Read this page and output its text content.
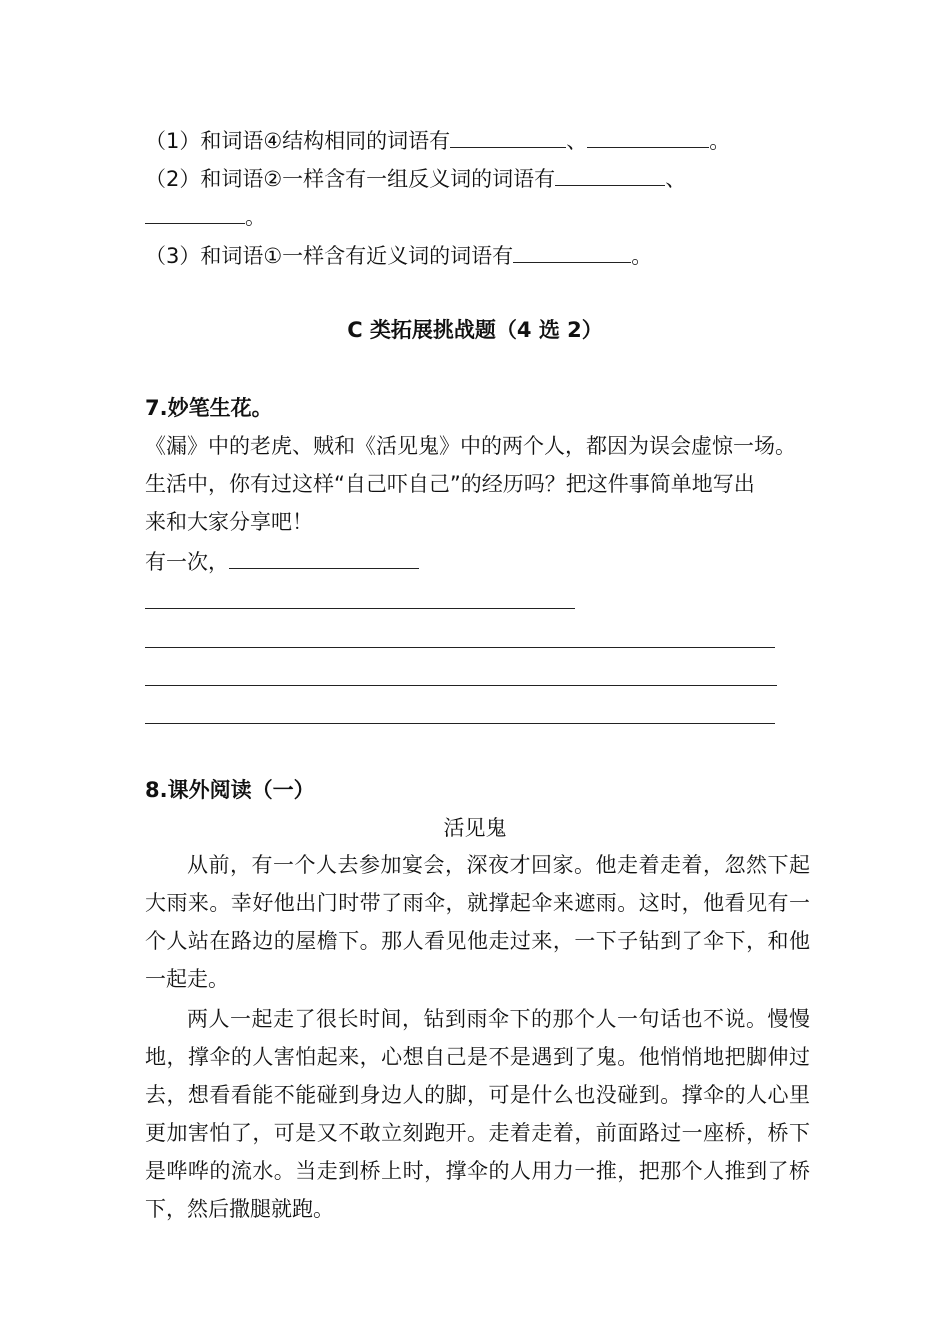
（1）和词语④结构相同的词语有	、	。
（2）和词语②一样含有一组反义词的词语有	、
。
（3）和词语①一样含有近义词的词语有	。
C 类拓展挑战题（4 选 2）
7.妙笔生花。
《漏》中的老虎、贼和《活见鬼》中的两个人，都因为误会虚惊一场。
生活中，你有过这样“自己吓自己”的经历吗？把这件事简单地写出
来和大家分享吧！
有一次，
8.课外阅读（一）
活见鬼
从前，有一个人去参加宴会，深夜才回家。他走着走着，忽然下起大雨来。幸好他出门时带了雨伞，就撑起伞来遮雨。这时，他看见有一个人站在路边的屋檐下。那人看见他走过来，一下子钻到了伞下，和他一起走。
两人一起走了很长时间，钻到雨伞下的那个人一句话也不说。慢慢地，撑伞的人害怕起来，心想自己是不是遇到了鬼。他悄悄地把脚伸过去，想看看能不能碰到身边人的脚，可是什么也没碰到。撑伞的人心里更加害怕了，可是又不敢立刻跑开。走着走着，前面路过一座桥，桥下是哗哗的流水。当走到桥上时，撑伞的人用力一推，把那个人推到了桥下，然后撒腿就跑。
